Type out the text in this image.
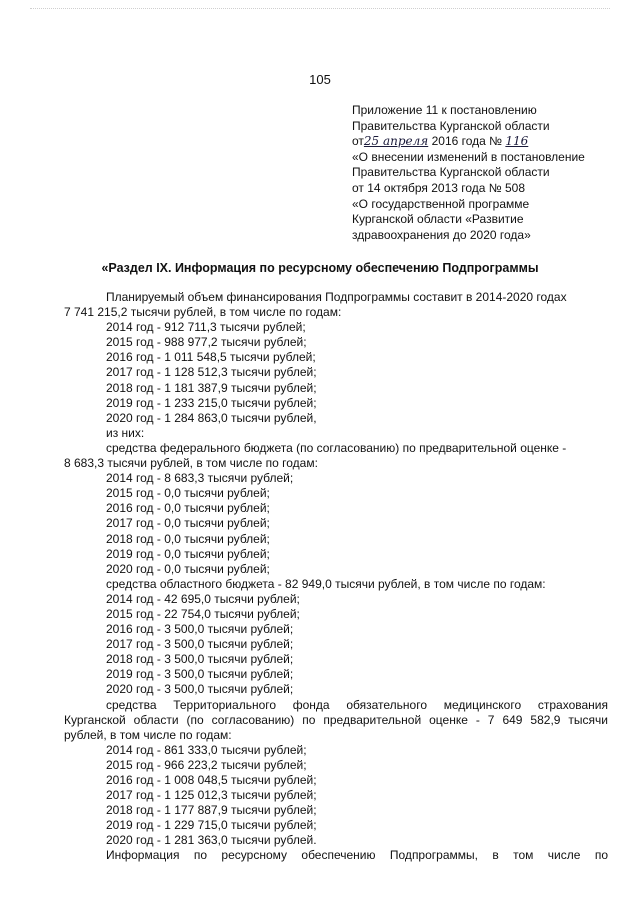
105
Приложение 11 к постановлению
Правительства Курганской области
от25 апреля 2016 года № 116
«О внесении изменений в постановление
Правительства Курганской области
от 14 октября 2013 года № 508
«О государственной программе
Курганской области «Развитие
здравоохранения до 2020 года»
«Раздел IX. Информация по ресурсному обеспечению Подпрограммы

Планируемый объем финансирования Подпрограммы составит в 2014-2020 годах

7 741 215,2 тысячи рублей, в том числе по годам:

2014 год - 912 711,3 тысячи рублей;

2015 год - 988 977,2 тысячи рублей;

2016 год - 1 011 548,5 тысячи рублей;

2017 год - 1 128 512,3 тысячи рублей;

2018 год - 1 181 387,9 тысячи рублей;

2019 год - 1 233 215,0 тысячи рублей;

2020 год - 1 284 863,0 тысячи рублей,

из них:

средства федерального бюджета (по согласованию) по предварительной оценке -

8 683,3 тысячи рублей, в том числе по годам:

2014 год - 8 683,3 тысячи рублей;

2015 год - 0,0 тысячи рублей;

2016 год - 0,0 тысячи рублей;

2017 год - 0,0 тысячи рублей;

2018 год - 0,0 тысячи рублей;

2019 год - 0,0 тысячи рублей;

2020 год - 0,0 тысячи рублей;

средства областного бюджета - 82 949,0 тысячи рублей, в том числе по годам:

2014 год - 42 695,0 тысячи рублей;

2015 год - 22 754,0 тысячи рублей;

2016 год - 3 500,0 тысячи рублей;

2017 год - 3 500,0 тысячи рублей;

2018 год - 3 500,0 тысячи рублей;

2019 год - 3 500,0 тысячи рублей;

2020 год - 3 500,0 тысячи рублей;

средства Территориального фонда обязательного медицинского страхования

Курганской области (по согласованию) по предварительной оценке - 7 649 582,9 тысячи

рублей, в том числе по годам:

2014 год - 861 333,0 тысячи рублей;

2015 год - 966 223,2 тысячи рублей;

2016 год - 1 008 048,5 тысячи рублей;

2017 год - 1 125 012,3 тысячи рублей;

2018 год - 1 177 887,9 тысячи рублей;

2019 год - 1 229 715,0 тысячи рублей;

2020 год - 1 281 363,0 тысячи рублей.

Информация по ресурсному обеспечению Подпрограммы, в том числе по
